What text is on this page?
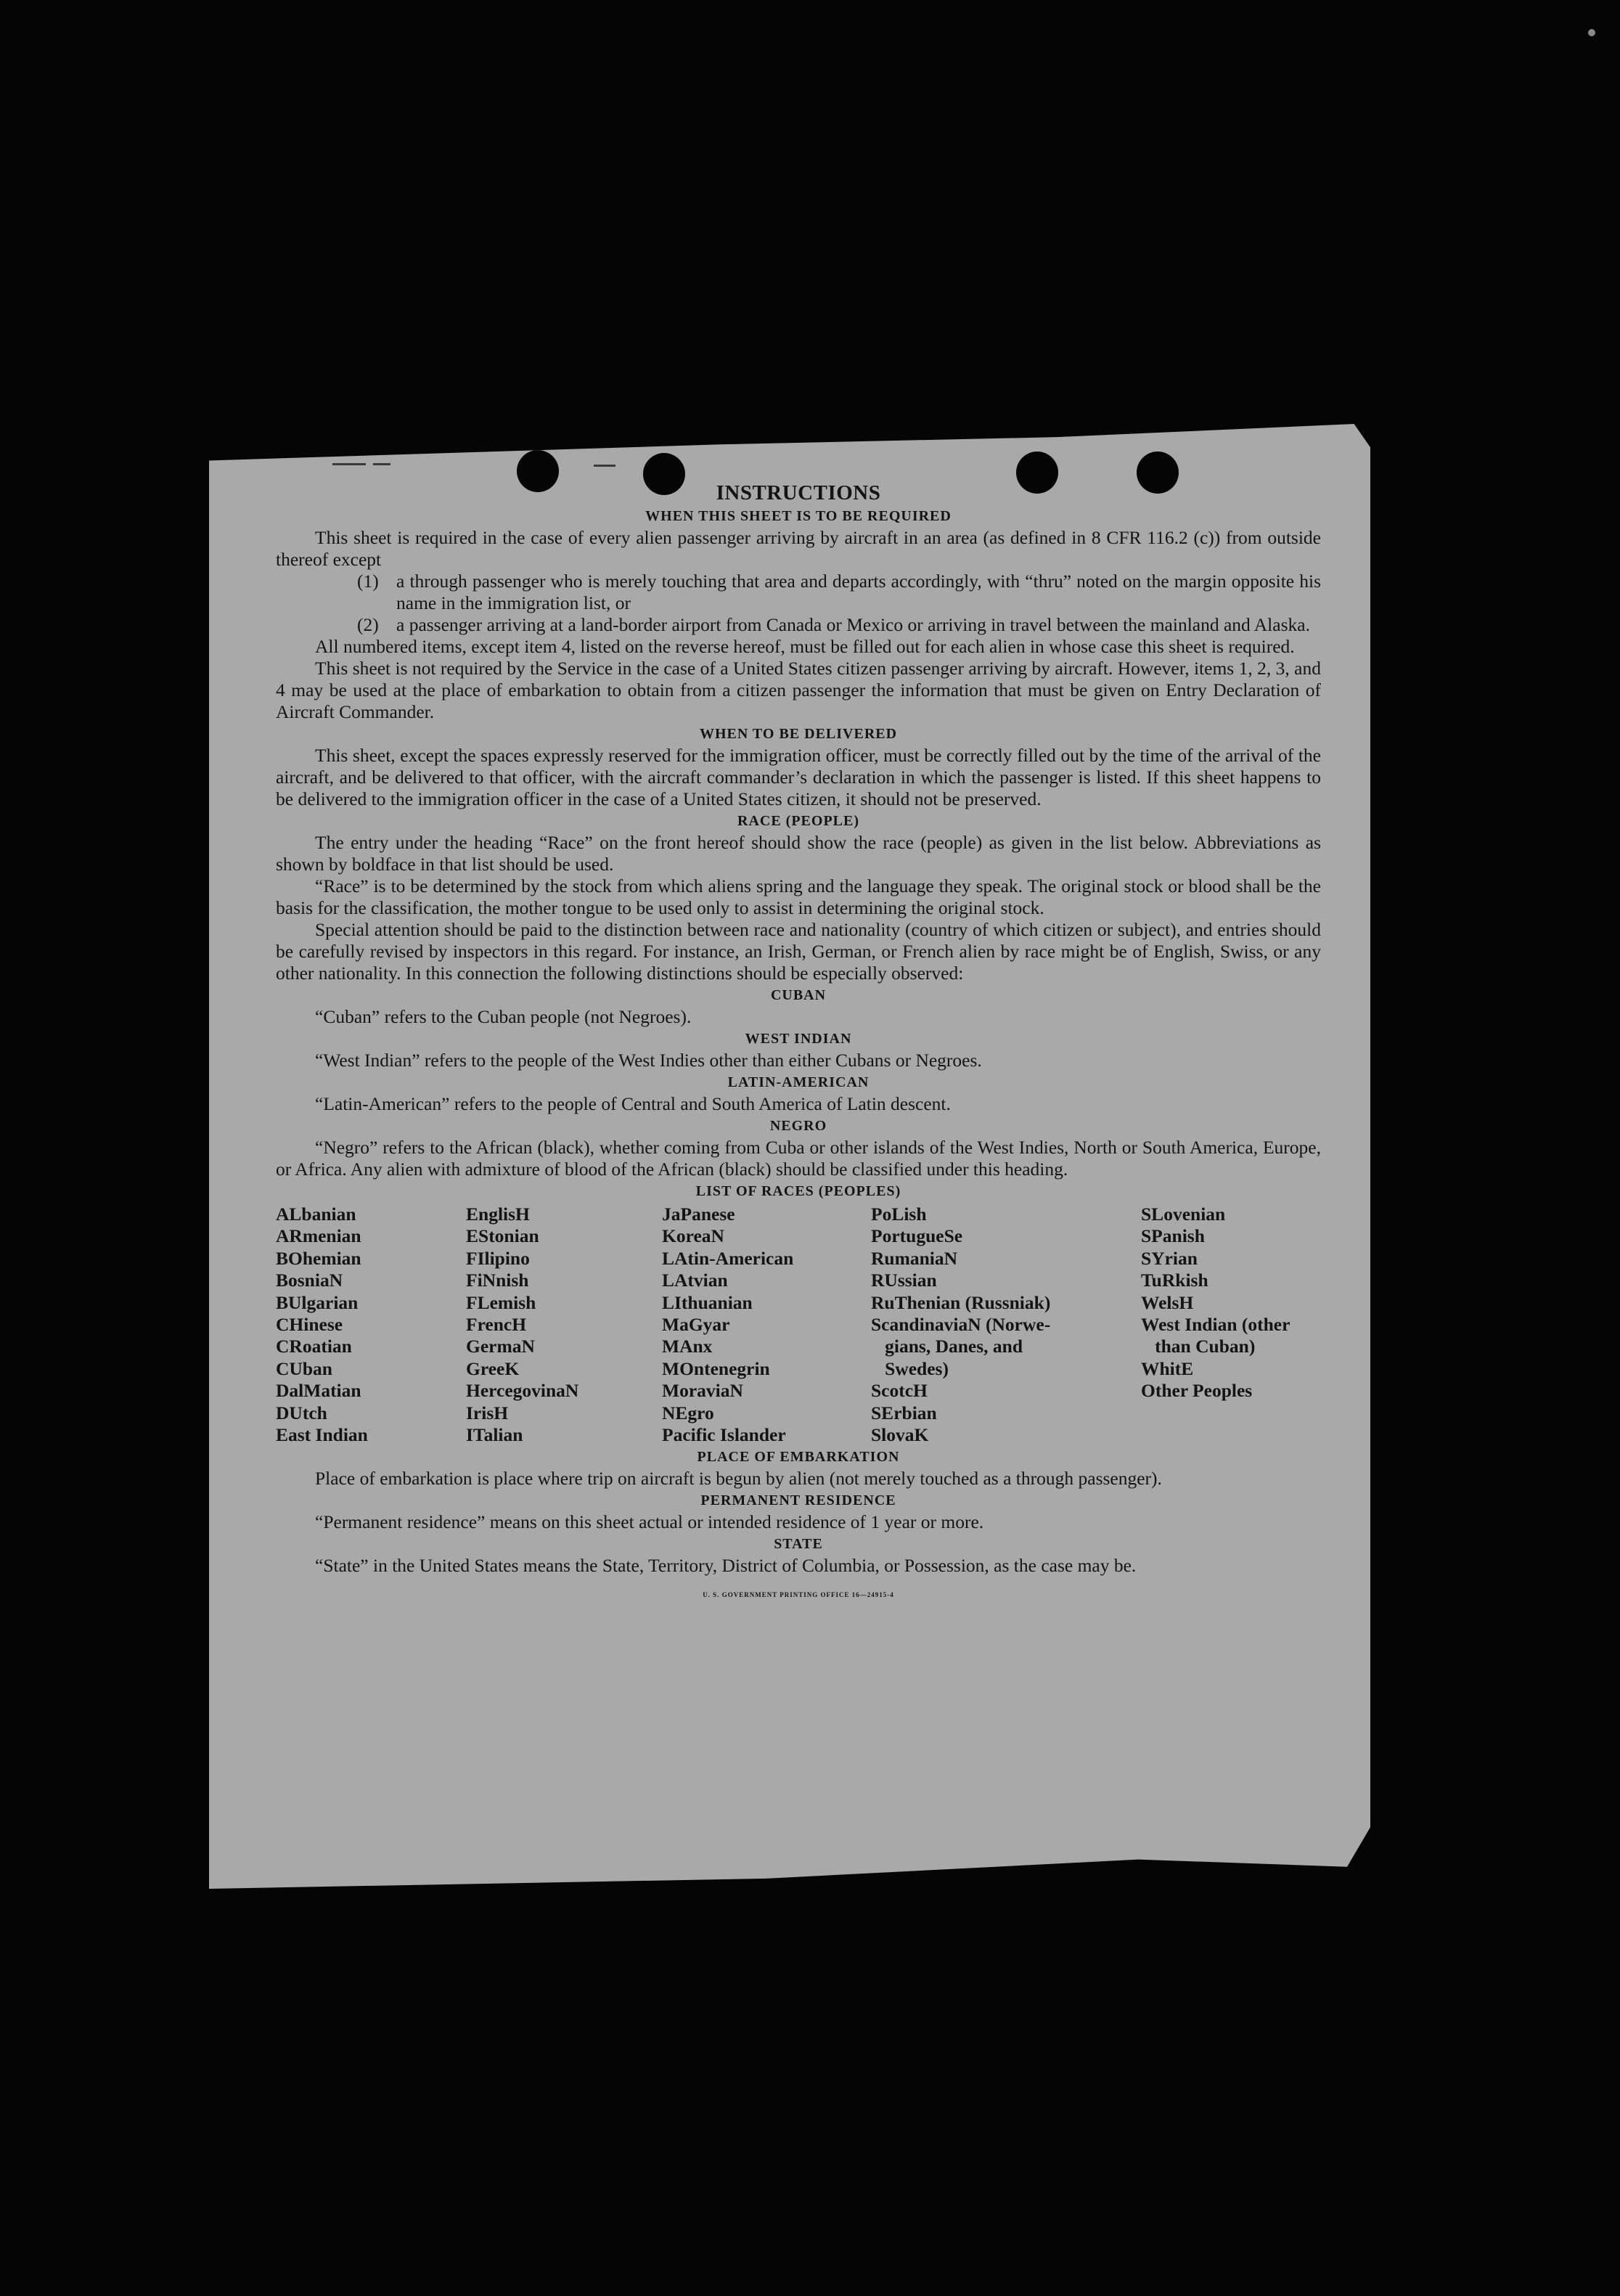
INSTRUCTIONS
WHEN THIS SHEET IS TO BE REQUIRED

This sheet is required in the case of every alien passenger arriving by aircraft in an area (as defined in 8 CFR 116.2 (c)) from outside thereof except

(1) a through passenger who is merely touching that area and departs accordingly, with “thru” noted on the margin opposite his name in the immigration list, or
(2) a passenger arriving at a land-border airport from Canada or Mexico or arriving in travel between the mainland and Alaska.

All numbered items, except item 4, listed on the reverse hereof, must be filled out for each alien in whose case this sheet is required.

This sheet is not required by the Service in the case of a United States citizen passenger arriving by aircraft. However, items 1, 2, 3, and 4 may be used at the place of embarkation to obtain from a citizen passenger the information that must be given on Entry Declaration of Aircraft Commander.

WHEN TO BE DELIVERED

This sheet, except the spaces expressly reserved for the immigration officer, must be correctly filled out by the time of the arrival of the aircraft, and be delivered to that officer, with the aircraft commander’s declaration in which the passenger is listed. If this sheet happens to be delivered to the immigration officer in the case of a United States citizen, it should not be preserved.

RACE (PEOPLE)

The entry under the heading “Race” on the front hereof should show the race (people) as given in the list below. Abbreviations as shown by boldface in that list should be used.

“Race” is to be determined by the stock from which aliens spring and the language they speak. The original stock or blood shall be the basis for the classification, the mother tongue to be used only to assist in determining the original stock.

Special attention should be paid to the distinction between race and nationality (country of which citizen or subject), and entries should be carefully revised by inspectors in this regard. For instance, an Irish, German, or French alien by race might be of English, Swiss, or any other nationality. In this connection the following distinctions should be especially observed:

CUBAN

“Cuban” refers to the Cuban people (not Negroes).

WEST INDIAN

“West Indian” refers to the people of the West Indies other than either Cubans or Negroes.

LATIN-AMERICAN

“Latin-American” refers to the people of Central and South America of Latin descent.

NEGRO

“Negro” refers to the African (black), whether coming from Cuba or other islands of the West Indies, North or South America, Europe, or Africa. Any alien with admixture of blood of the African (black) should be classified under this heading.

LIST OF RACES (PEOPLES)
ALbanian
ARmenian
BOhemian
BosniaN
BUlgarian
CHinese
CRoatian
CUban
DalMatian
DUtch
East Indian
EnglisH
EStonian
FIlipino
FiNnish
FLemish
FrencH
GermaN
GreeK
HercegovinaN
IrisH
ITalian
JaPanese
KoreaN
LAtin-American
LAtvian
LIthuanian
MaGyar
MAnx
MOntenegrin
MoraviaN
NEgro
Pacific Islander
PoLish
PortugueSe
RumaniaN
RUssian
RuThenian (Russniak)
ScandinaviaN (Norwe-
gians, Danes, and
Swedes)
ScotcH
SErbian
SlovaK
SLovenian
SPanish
SYrian
TuRkish
WelsH
West Indian (other
than Cuban)
WhitE
Other Peoples
PLACE OF EMBARKATION

Place of embarkation is place where trip on aircraft is begun by alien (not merely touched as a through passenger).

PERMANENT RESIDENCE

“Permanent residence” means on this sheet actual or intended residence of 1 year or more.

STATE

“State” in the United States means the State, Territory, District of Columbia, or Possession, as the case may be.

U. S. GOVERNMENT PRINTING OFFICE 16—24915-4
